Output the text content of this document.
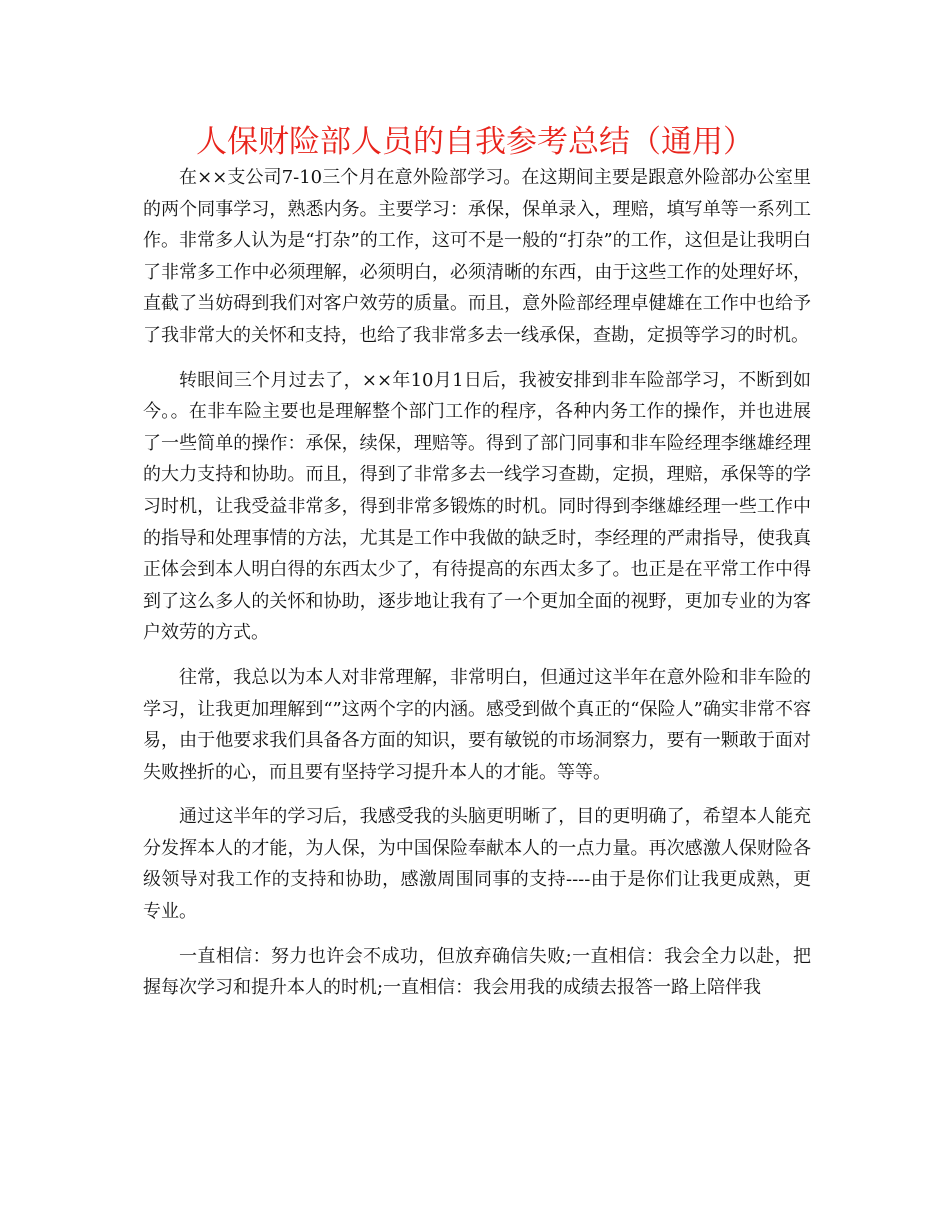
人保财险部人员的自我参考总结（通用）

在××支公司7-10三个月在意外险部学习。在这期间主要是跟意外险部办公室里的两个同事学习，熟悉内务。主要学习：承保，保单录入，理赔，填写单等一系列工作。非常多人认为是“打杂”的工作，这可不是一般的“打杂”的工作，这但是让我明白了非常多工作中必须理解，必须明白，必须清晰的东西，由于这些工作的处理好坏，直截了当妨碍到我们对客户效劳的质量。而且，意外险部经理卓健雄在工作中也给予了我非常大的关怀和支持，也给了我非常多去一线承保，查勘，定损等学习的时机。

转眼间三个月过去了，××年10月1日后，我被安排到非车险部学习，不断到如今。。在非车险主要也是理解整个部门工作的程序，各种内务工作的操作，并也进展了一些简单的操作：承保，续保，理赔等。得到了部门同事和非车险经理李继雄经理的大力支持和协助。而且，得到了非常多去一线学习查勘，定损，理赔，承保等的学习时机，让我受益非常多，得到非常多锻炼的时机。同时得到李继雄经理一些工作中的指导和处理事情的方法，尤其是工作中我做的缺乏时，李经理的严肃指导，使我真正体会到本人明白得的东西太少了，有待提高的东西太多了。也正是在平常工作中得到了这么多人的关怀和协助，逐步地让我有了一个更加全面的视野，更加专业的为客户效劳的方式。

往常，我总以为本人对非常理解，非常明白，但通过这半年在意外险和非车险的学习，让我更加理解到“”这两个字的内涵。感受到做个真正的“保险人”确实非常不容易，由于他要求我们具备各方面的知识，要有敏锐的市场洞察力，要有一颗敢于面对失败挫折的心，而且要有坚持学习提升本人的才能。等等。

通过这半年的学习后，我感受我的头脑更明晰了，目的更明确了，希望本人能充分发挥本人的才能，为人保，为中国保险奉献本人的一点力量。再次感激人保财险各级领导对我工作的支持和协助，感激周围同事的支持----由于是你们让我更成熟，更专业。

一直相信：努力也许会不成功，但放弃确信失败;一直相信：我会全力以赴，把握每次学习和提升本人的时机;一直相信：我会用我的成绩去报答一路上陪伴我
